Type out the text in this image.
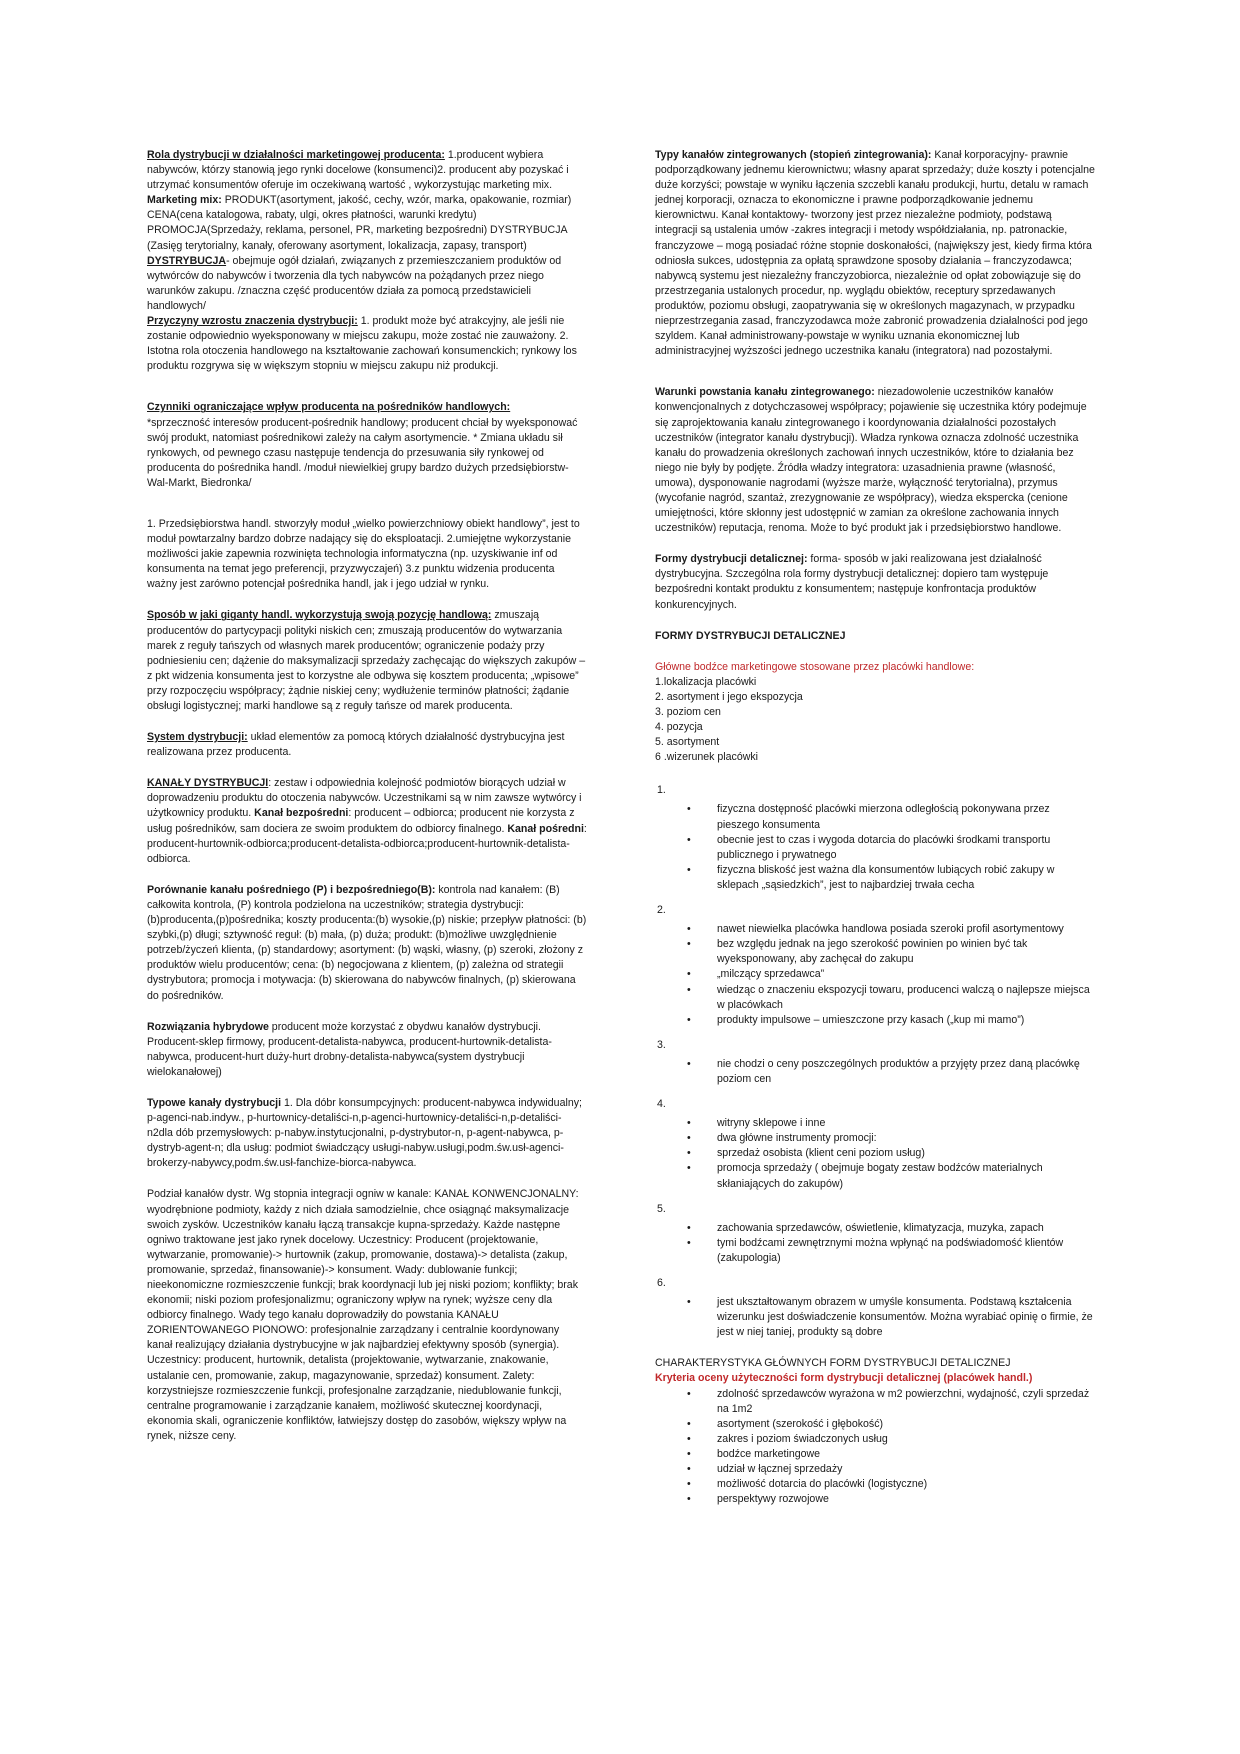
Rola dystrybucji w działalności marketingowej producenta: 1.producent wybiera nabywców, którzy stanowią jego rynki docelowe (konsumenci)2. producent aby pozyskać i utrzymać konsumentów oferuje im oczekiwaną wartość , wykorzystując marketing mix. Marketing mix: PRODUKT(asortyment, jakość, cechy, wzór, marka, opakowanie, rozmiar) CENA(cena katalogowa, rabaty, ulgi, okres płatności, warunki kredytu) PROMOCJA(Sprzedaży, reklama, personel, PR, marketing bezpośredni) DYSTRYBUCJA (Zasięg terytorialny, kanały, oferowany asortyment, lokalizacja, zapasy, transport)

DYSTRYBUCJA- obejmuje ogół działań, związanych z przemieszczaniem produktów od wytwórców do nabywców i tworzenia dla tych nabywców na pożądanych przez niego warunków zakupu. /znaczna część producentów działa za pomocą przedstawicieli handlowych/

Przyczyny wzrostu znaczenia dystrybucji: 1. produkt może być atrakcyjny, ale jeśli nie zostanie odpowiednio wyeksponowany w miejscu zakupu, może zostać nie zauważony. 2. Istotna rola otoczenia handlowego na kształtowanie zachowań konsumenckich; rynkowy los produktu rozgrywa się w większym stopniu w miejscu zakupu niż produkcji.

Czynniki ograniczające wpływ producenta na pośredników handlowych:
*sprzeczność interesów producent-pośrednik handlowy; producent chciał by wyeksponować swój produkt, natomiast pośrednikowi zależy na całym asortymencie. * Zmiana układu sił rynkowych, od pewnego czasu następuje tendencja do przesuwania siły rynkowej od producenta do pośrednika handl. /moduł niewielkiej grupy bardzo dużych przedsiębiorstw- Wal-Markt, Biedronka/

1. Przedsiębiorstwa handl. stworzyły moduł „wielko powierzchniowy obiekt handlowy”, jest to moduł powtarzalny bardzo dobrze nadający się do eksploatacji. 2.umiejętne wykorzystanie możliwości jakie zapewnia rozwinięta technologia informatyczna (np. uzyskiwanie inf od konsumenta na temat jego preferencji, przyzwyczajeń) 3.z punktu widzenia producenta ważny jest zarówno potencjał pośrednika handl, jak i jego udział w rynku.

Sposób w jaki giganty handl. wykorzystują swoją pozycję handlową: zmuszają producentów do partycypacji polityki niskich cen; zmuszają producentów do wytwarzania marek z reguły tańszych od własnych marek producentów; ograniczenie podaży przy podniesieniu cen; dążenie do maksymalizacji sprzedaży zachęcając do większych zakupów – z pkt widzenia konsumenta jest to korzystne ale odbywa się kosztem producenta; „wpisowe” przy rozpoczęciu współpracy; żądnie niskiej ceny; wydłużenie terminów płatności; żądanie obsługi logistycznej; marki handlowe są z reguły tańsze od marek producenta.

System dystrybucji: układ elementów za pomocą których działalność dystrybucyjna jest realizowana przez producenta.

KANAŁY DYSTRYBUCJI: zestaw i odpowiednia kolejność podmiotów biorących udział w doprowadzeniu produktu do otoczenia nabywców. Uczestnikami są w nim zawsze wytwórcy i użytkownicy produktu. Kanał bezpośredni: producent – odbiorca; producent nie korzysta z usług pośredników, sam dociera ze swoim produktem do odbiorcy finalnego. Kanał pośredni: producent-hurtownik-odbiorca;producent-detalista-odbiorca;producent-hurtownik-detalista-odbiorca.

Porównanie kanału pośredniego (P) i bezpośredniego(B): kontrola nad kanałem: (B) całkowita kontrola, (P) kontrola podzielona na uczestników; strategia dystrybucji:(b)producenta,(p)pośrednika; koszty producenta:(b) wysokie,(p) niskie; przepływ płatności: (b) szybki,(p) długi; sztywność reguł: (b) mała, (p) duża; produkt: (b)możliwe uwzględnienie potrzeb/życzeń klienta, (p) standardowy; asortyment: (b) wąski, własny, (p) szeroki, złożony z produktów wielu producentów; cena: (b) negocjowana z klientem, (p) zależna od strategii dystrybutora; promocja i motywacja: (b) skierowana do nabywców finalnych, (p) skierowana do pośredników.

Rozwiązania hybrydowe producent może korzystać z obydwu kanałów dystrybucji. Producent-sklep firmowy, producent-detalista-nabywca, producent-hurtownik-detalista-nabywca, producent-hurt duży-hurt drobny-detalista-nabywca(system dystrybucji wielokanałowej)

Typowe kanały dystrybucji 1. Dla dóbr konsumpcyjnych: producent-nabywca indywidualny; p-agenci-nab.indyw., p-hurtownicy-detaliści-n,p-agenci-hurtownicy-detaliści-n,p-detaliści-n2dla dób przemysłowych: p-nabyw.instytucjonalni, p-dystrybutor-n, p-agent-nabywca, p-dystryb-agent-n; dla usług: podmiot świadczący usługi-nabyw.usługi,podm.św.usł-agenci-brokerzy-nabywcy,podm.św.usł-fanchize-biorca-nabywca.

Podział kanałów dystr. Wg stopnia integracji ogniw w kanale: KANAŁ KONWENCJONALNY: wyodrębnione podmioty, każdy z nich działa samodzielnie, chce osiągnąć maksymalizacje swoich zysków. Uczestników kanału łączą transakcje kupna-sprzedaży. Każde następne ogniwo traktowane jest jako rynek docelowy. Uczestnicy: Producent (projektowanie, wytwarzanie, promowanie)-> hurtownik (zakup, promowanie, dostawa)-> detalista (zakup, promowanie, sprzedaż, finansowanie)-> konsument. Wady: dublowanie funkcji; nieekonomiczne rozmieszczenie funkcji; brak koordynacji lub jej niski poziom; konflikty; brak ekonomii; niski poziom profesjonalizmu; ograniczony wpływ na rynek; wyższe ceny dla odbiorcy finalnego. Wady tego kanału doprowadziły do powstania KANAŁU ZORIENTOWANEGO PIONOWO: profesjonalnie zarządzany i centralnie koordynowany kanał realizujący działania dystrybucyjne w jak najbardziej efektywny sposób (synergia). Uczestnicy: producent, hurtownik, detalista (projektowanie, wytwarzanie, znakowanie, ustalanie cen, promowanie, zakup, magazynowanie, sprzedaż) konsument. Zalety: korzystniejsze rozmieszczenie funkcji, profesjonalne zarządzanie, niedublowanie funkcji, centralne programowanie i zarządzanie kanałem, możliwość skutecznej koordynacji, ekonomia skali, ograniczenie konfliktów, łatwiejszy dostęp do zasobów, większy wpływ na rynek, niższe ceny.

Typy kanałów zintegrowanych (stopień zintegrowania): Kanał korporacyjny- prawnie podporządkowany jednemu kierownictwu; własny aparat sprzedaży; duże koszty i potencjalne duże korzyści; powstaje w wyniku łączenia szczebli kanału produkcji, hurtu, detalu w ramach jednej korporacji, oznacza to ekonomiczne i prawne podporządkowanie jednemu kierownictwu. Kanał kontaktowy- tworzony jest przez niezależne podmioty, podstawą integracji są ustalenia umów -zakres integracji i metody współdziałania, np. patronackie, franczyzowe – mogą posiadać różne stopnie doskonałości, (największy jest, kiedy firma która odniosła sukces, udostępnia za opłatą sprawdzone sposoby działania – franczyzodawca; nabywcą systemu jest niezależny franczyzobiorca, niezależnie od opłat zobowiązuje się do przestrzegania ustalonych procedur, np. wyglądu obiektów, receptury sprzedawanych produktów, poziomu obsługi, zaopatrywania się w określonych magazynach, w przypadku nieprzestrzegania zasad, franczyzodawca może zabronić prowadzenia działalności pod jego szyldem. Kanał administrowany-powstaje w wyniku uznania ekonomicznej lub administracyjnej wyższości jednego uczestnika kanału (integratora) nad pozostałymi.

Warunki powstania kanału zintegrowanego: niezadowolenie uczestników kanałów konwencjonalnych z dotychczasowej współpracy; pojawienie się uczestnika który podejmuje się zaprojektowania kanału zintegrowanego i koordynowania działalności pozostałych uczestników (integrator kanału dystrybucji). Władza rynkowa oznacza zdolność uczestnika kanału do prowadzenia określonych zachowań innych uczestników, które to działania bez niego nie były by podjęte. Źródła władzy integratora: uzasadnienia prawne (własność, umowa), dysponowanie nagrodami (wyższe marże, wyłączność terytorialna), przymus (wycofanie nagród, szantaż, zrezygnowanie ze współpracy), wiedza ekspercka (cenione umiejętności, które skłonny jest udostępnić w zamian za określone zachowania innych uczestników) reputacja, renoma. Może to być produkt jak i przedsiębiorstwo handlowe.

Formy dystrybucji detalicznej: forma- sposób w jaki realizowana jest działalność dystrybucyjna. Szczególna rola formy dystrybucji detalicznej: dopiero tam występuje bezpośredni kontakt produktu z konsumentem; następuje konfrontacja produktów konkurencyjnych.

FORMY DYSTRYBUCJI DETALICZNEJ

Główne bodźce marketingowe stosowane przez placówki handlowe:

1.lokalizacja placówki
2. asortyment i jego ekspozycja
3. poziom cen
4. pozycja
5. asortyment
6 .wizerunek placówki
1.
• fizyczna dostępność placówki mierzona odległością pokonywana przez pieszego konsumenta
• obecnie jest to czas i wygoda dotarcia do placówki środkami transportu publicznego i prywatnego
• fizyczna bliskość jest ważna dla konsumentów lubiących robić zakupy w sklepach „sąsiedzkich”, jest to najbardziej trwała cecha
2.
• nawet niewielka placówka handlowa posiada szeroki profil asortymentowy
• bez względu jednak na jego szerokość powinien po winien być tak wyeksponowany, aby zachęcał do zakupu
• „milczący sprzedawca”
• wiedząc o znaczeniu ekspozycji towaru, producenci walczą o najlepsze miejsca w placówkach
• produkty impulsowe – umieszczone przy kasach („kup mi mamo”)
3.
• nie chodzi o ceny poszczególnych produktów a przyjęty przez daną placówkę poziom cen
4.
• witryny sklepowe i inne
• dwa główne instrumenty promocji:
• sprzedaż osobista (klient ceni poziom usług)
• promocja sprzedaży ( obejmuje bogaty zestaw bodźców materialnych skłaniających do zakupów)
5.
• zachowania sprzedawców, oświetlenie, klimatyzacja, muzyka, zapach
• tymi bodźcami zewnętrznymi można wpłynąć na podświadomość klientów (zakupologia)
6.
• jest ukształtowanym obrazem w umyśle konsumenta. Podstawą kształcenia wizerunku jest doświadczenie konsumentów. Można wyrabiać opinię o firmie, że jest w niej taniej, produkty są dobre

CHARAKTERYSTYKA GŁÓWNYCH FORM DYSTRYBUCJI DETALICZNEJ

Kryteria oceny użyteczności form dystrybucji detalicznej (placówek handl.)

• zdolność sprzedawców wyrażona w m2 powierzchni, wydajność, czyli sprzedaż na 1m2
• asortyment (szerokość i głębokość)
• zakres i poziom świadczonych usług
• bodźce marketingowe
• udział w łącznej sprzedaży
• możliwość dotarcia do placówki (logistyczne)
• perspektywy rozwojowe
